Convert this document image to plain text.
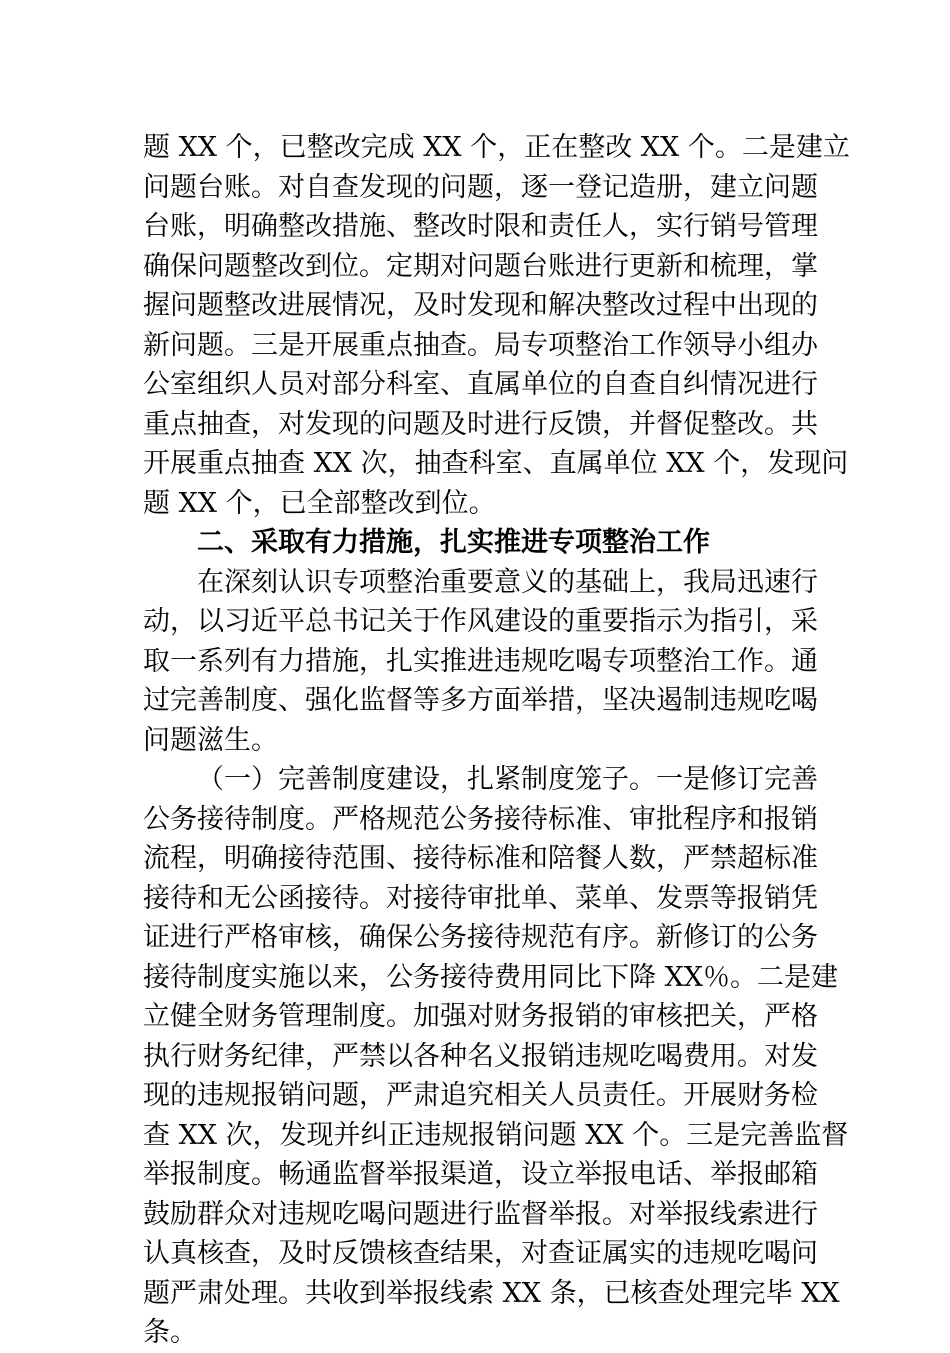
题 XX 个，已整改完成 XX 个，正在整改 XX 个。二是建立
问题台账。对自查发现的问题，逐一登记造册，建立问题
台账，明确整改措施、整改时限和责任人，实行销号管理
确保问题整改到位。定期对问题台账进行更新和梳理，掌
握问题整改进展情况，及时发现和解决整改过程中出现的
新问题。三是开展重点抽查。局专项整治工作领导小组办
公室组织人员对部分科室、直属单位的自查自纠情况进行
重点抽查，对发现的问题及时进行反馈，并督促整改。共
开展重点抽查 XX 次，抽查科室、直属单位 XX 个，发现问
题 XX 个，已全部整改到位。
二、采取有力措施，扎实推进专项整治工作
在深刻认识专项整治重要意义的基础上，我局迅速行
动，以习近平总书记关于作风建设的重要指示为指引，采
取一系列有力措施，扎实推进违规吃喝专项整治工作。通
过完善制度、强化监督等多方面举措，坚决遏制违规吃喝
问题滋生。
（一）完善制度建设，扎紧制度笼子。一是修订完善
公务接待制度。严格规范公务接待标准、审批程序和报销
流程，明确接待范围、接待标准和陪餐人数，严禁超标准
接待和无公函接待。对接待审批单、菜单、发票等报销凭
证进行严格审核，确保公务接待规范有序。新修订的公务
接待制度实施以来，公务接待费用同比下降 XX％。二是建
立健全财务管理制度。加强对财务报销的审核把关，严格
执行财务纪律，严禁以各种名义报销违规吃喝费用。对发
现的违规报销问题，严肃追究相关人员责任。开展财务检
查 XX 次，发现并纠正违规报销问题 XX 个。三是完善监督
举报制度。畅通监督举报渠道，设立举报电话、举报邮箱
鼓励群众对违规吃喝问题进行监督举报。对举报线索进行
认真核查，及时反馈核查结果，对查证属实的违规吃喝问
题严肃处理。共收到举报线索 XX 条，已核查处理完毕 XX
条。
